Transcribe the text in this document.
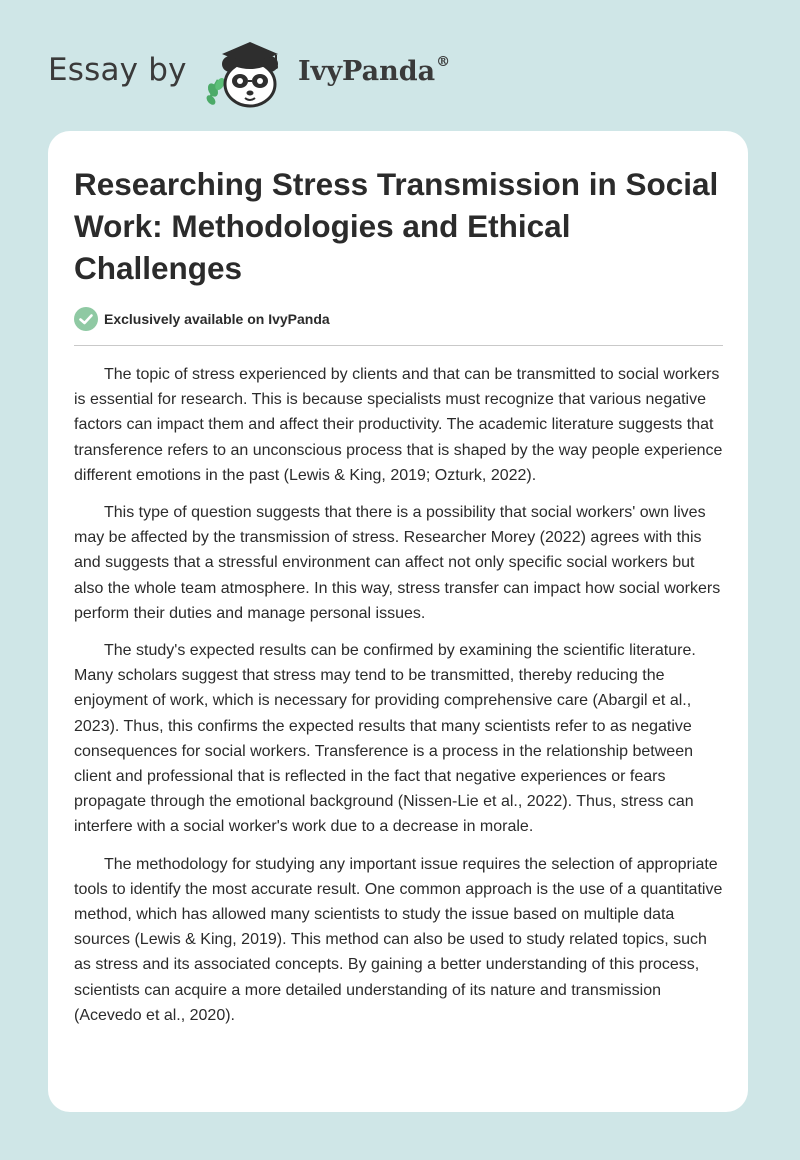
Essay by	IvyPanda®
Researching Stress Transmission in Social Work: Methodologies and Ethical Challenges
Exclusively available on IvyPanda

The topic of stress experienced by clients and that can be transmitted to social workers is essential for research. This is because specialists must recognize that various negative factors can impact them and affect their productivity. The academic literature suggests that transference refers to an unconscious process that is shaped by the way people experience different emotions in the past (Lewis & King, 2019; Ozturk, 2022).

This type of question suggests that there is a possibility that social workers' own lives may be affected by the transmission of stress. Researcher Morey (2022) agrees with this and suggests that a stressful environment can affect not only specific social workers but also the whole team atmosphere. In this way, stress transfer can impact how social workers perform their duties and manage personal issues.

The study's expected results can be confirmed by examining the scientific literature. Many scholars suggest that stress may tend to be transmitted, thereby reducing the enjoyment of work, which is necessary for providing comprehensive care (Abargil et al., 2023). Thus, this confirms the expected results that many scientists refer to as negative consequences for social workers. Transference is a process in the relationship between client and professional that is reflected in the fact that negative experiences or fears propagate through the emotional background (Nissen-Lie et al., 2022). Thus, stress can interfere with a social worker's work due to a decrease in morale.

The methodology for studying any important issue requires the selection of appropriate tools to identify the most accurate result. One common approach is the use of a quantitative method, which has allowed many scientists to study the issue based on multiple data sources (Lewis & King, 2019). This method can also be used to study related topics, such as stress and its associated concepts. By gaining a better understanding of this process, scientists can acquire a more detailed understanding of its nature and transmission (Acevedo et al., 2020).
